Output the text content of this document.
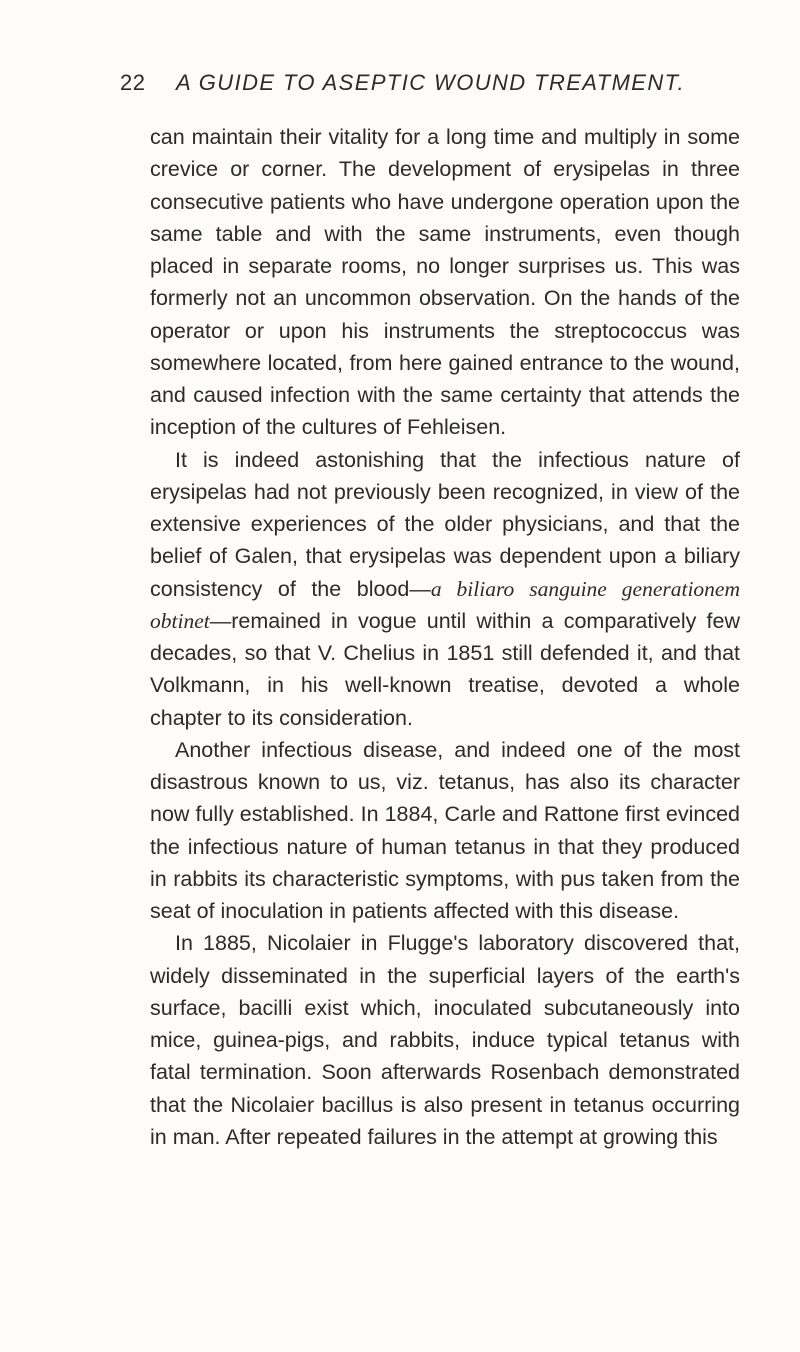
22 A GUIDE TO ASEPTIC WOUND TREATMENT.

can maintain their vitality for a long time and multiply in some crevice or corner. The development of erysipelas in three consecutive patients who have undergone operation upon the same table and with the same instruments, even though placed in separate rooms, no longer surprises us. This was formerly not an uncommon observation. On the hands of the operator or upon his instruments the streptococcus was somewhere located, from here gained entrance to the wound, and caused infection with the same certainty that attends the inception of the cultures of Fehleisen.

It is indeed astonishing that the infectious nature of erysipelas had not previously been recognized, in view of the extensive experiences of the older physicians, and that the belief of Galen, that erysipelas was dependent upon a biliary consistency of the blood—a biliaro sanguine generationem obtinet—remained in vogue until within a comparatively few decades, so that V. Chelius in 1851 still defended it, and that Volkmann, in his well-known treatise, devoted a whole chapter to its consideration.

Another infectious disease, and indeed one of the most disastrous known to us, viz. tetanus, has also its character now fully established. In 1884, Carle and Rattone first evinced the infectious nature of human tetanus in that they produced in rabbits its characteristic symptoms, with pus taken from the seat of inoculation in patients affected with this disease.

In 1885, Nicolaier in Flugge's laboratory discovered that, widely disseminated in the superficial layers of the earth's surface, bacilli exist which, inoculated subcutaneously into mice, guinea-pigs, and rabbits, induce typical tetanus with fatal termination. Soon afterwards Rosenbach demonstrated that the Nicolaier bacillus is also present in tetanus occurring in man. After repeated failures in the attempt at growing this
